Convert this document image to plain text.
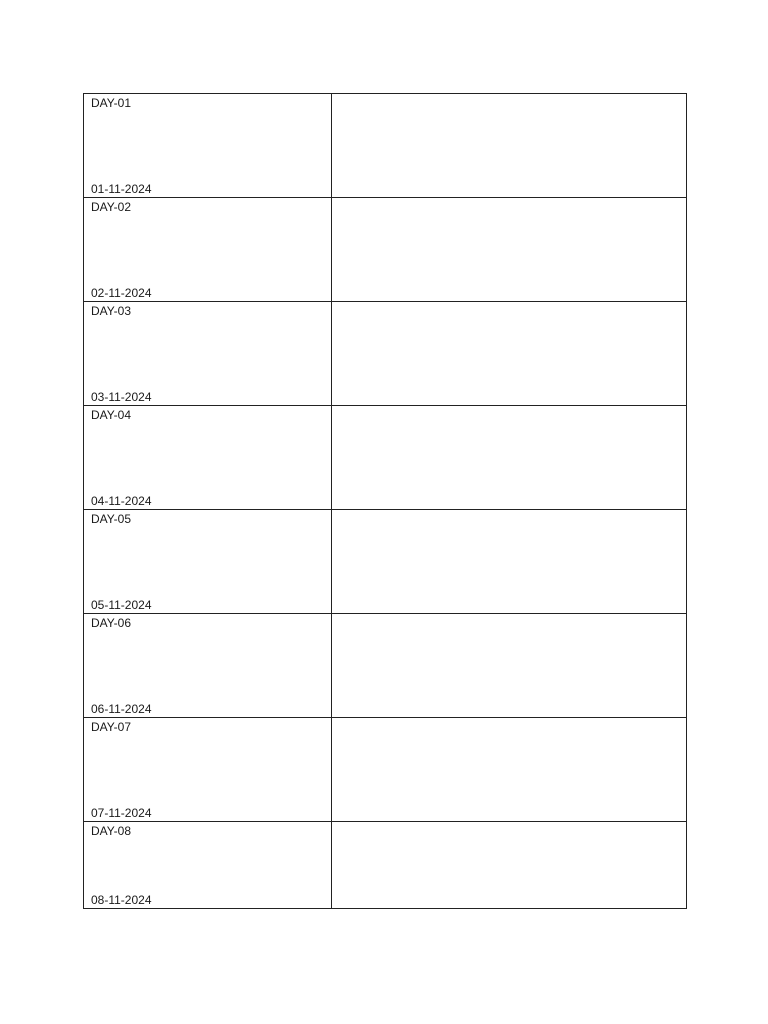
DAY-01
01-11-2024	

DAY-02
02-11-2024	

DAY-03
03-11-2024	

DAY-04
04-11-2024	

DAY-05
05-11-2024	

DAY-06
06-11-2024	

DAY-07
07-11-2024	

DAY-08
08-11-2024	
